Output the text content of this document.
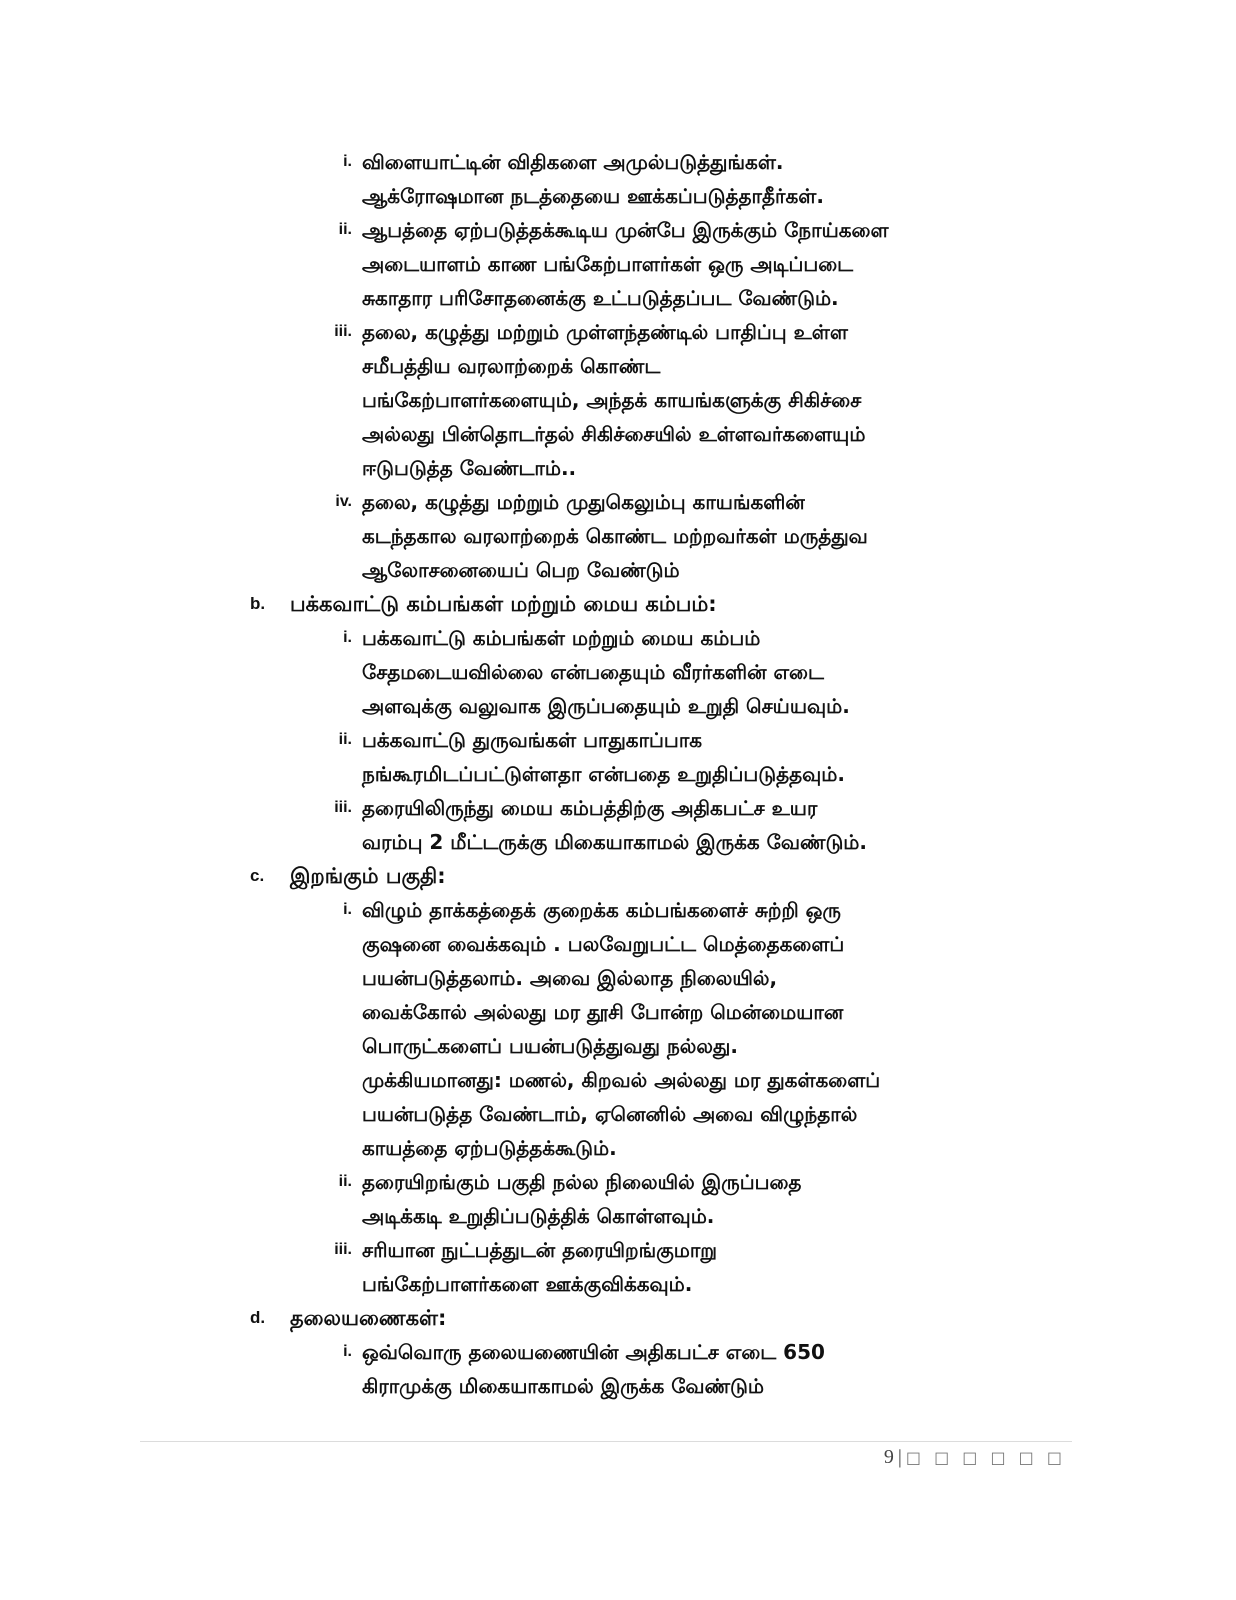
i. விளையாட்டின் விதிகளை அமுல்படுத்துங்கள்.
ஆக்ரோஷமான நடத்தையை ஊக்கப்படுத்தாதீர்கள்.
ii. ஆபத்தை ஏற்படுத்தக்கூடிய முன்பே இருக்கும் நோய்களை
அடையாளம் காண பங்கேற்பாளர்கள் ஒரு அடிப்படை
சுகாதார பரிசோதனைக்கு உட்படுத்தப்பட வேண்டும்.
iii. தலை, கழுத்து மற்றும் முள்ளந்தண்டில் பாதிப்பு உள்ள
சமீபத்திய வரலாற்றைக் கொண்ட
பங்கேற்பாளர்களையும், அந்தக் காயங்களுக்கு சிகிச்சை
அல்லது பின்தொடர்தல் சிகிச்சையில் உள்ளவர்களையும்
ஈடுபடுத்த வேண்டாம்..
iv. தலை, கழுத்து மற்றும் முதுகெலும்பு காயங்களின்
கடந்தகால வரலாற்றைக் கொண்ட மற்றவர்கள் மருத்துவ
ஆலோசனையைப் பெற வேண்டும்
b. பக்கவாட்டு கம்பங்கள் மற்றும் மைய கம்பம்:
i. பக்கவாட்டு கம்பங்கள் மற்றும் மைய கம்பம்
சேதமடையவில்லை என்பதையும் வீரர்களின் எடை
அளவுக்கு வலுவாக இருப்பதையும் உறுதி செய்யவும்.
ii. பக்கவாட்டு துருவங்கள் பாதுகாப்பாக
நங்கூரமிடப்பட்டுள்ளதா என்பதை உறுதிப்படுத்தவும்.
iii. தரையிலிருந்து மைய கம்பத்திற்கு அதிகபட்ச உயர
வரம்பு 2 மீட்டருக்கு மிகையாகாமல் இருக்க வேண்டும்.
c. இறங்கும் பகுதி:
i. விழும் தாக்கத்தைக் குறைக்க கம்பங்களைச் சுற்றி ஒரு
குஷனை வைக்கவும் . பலவேறுபட்ட மெத்தைகளைப்
பயன்படுத்தலாம். அவை இல்லாத நிலையில்,
வைக்கோல் அல்லது மர தூசி போன்ற மென்மையான
பொருட்களைப் பயன்படுத்துவது நல்லது.
முக்கியமானது: மணல், கிறவல் அல்லது மர துகள்களைப்
பயன்படுத்த வேண்டாம், ஏனெனில் அவை விழுந்தால்
காயத்தை ஏற்படுத்தக்கூடும்.
ii. தரையிறங்கும் பகுதி நல்ல நிலையில் இருப்பதை
அடிக்கடி உறுதிப்படுத்திக் கொள்ளவும்.
iii. சரியான நுட்பத்துடன் தரையிறங்குமாறு
பங்கேற்பாளர்களை ஊக்குவிக்கவும்.
d. தலையணைகள்:
i. ஒவ்வொரு தலையணையின் அதிகபட்ச எடை 650
கிராமுக்கு மிகையாகாமல் இருக்க வேண்டும்
9 | □ □ □ □ □ □
